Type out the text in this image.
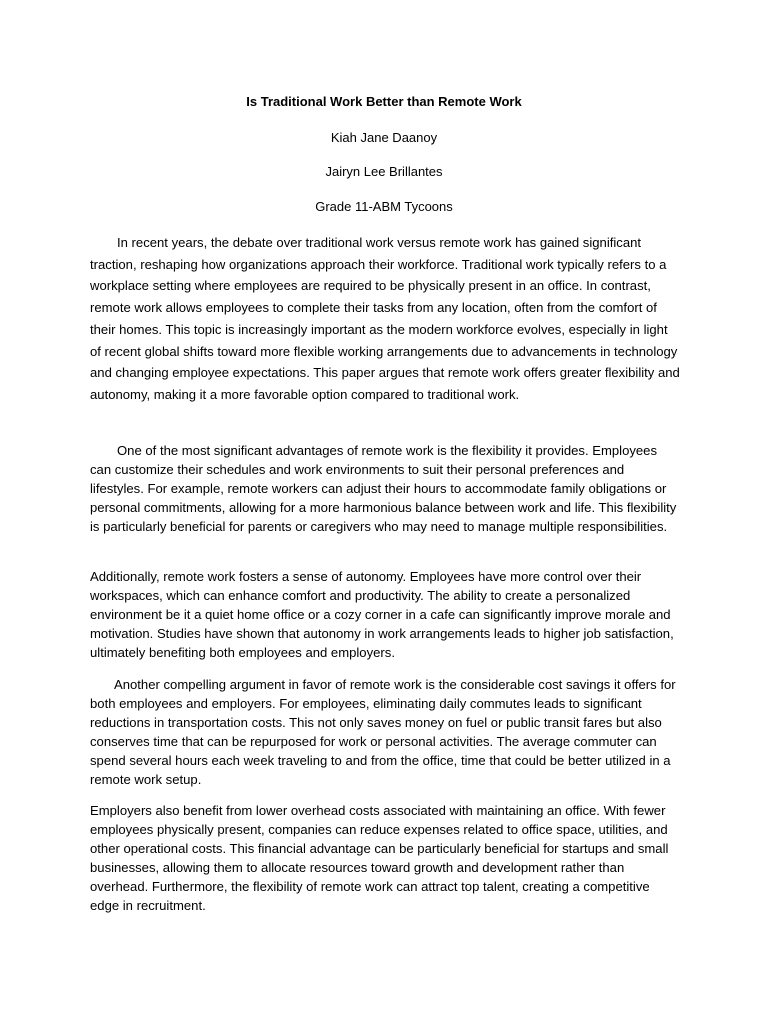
Is Traditional Work Better than Remote Work
Kiah Jane Daanoy
Jairyn Lee Brillantes
Grade 11-ABM Tycoons

In recent years, the debate over traditional work versus remote work has gained significant traction, reshaping how organizations approach their workforce. Traditional work typically refers to a workplace setting where employees are required to be physically present in an office. In contrast, remote work allows employees to complete their tasks from any location, often from the comfort of their homes. This topic is increasingly important as the modern workforce evolves, especially in light of recent global shifts toward more flexible working arrangements due to advancements in technology and changing employee expectations. This paper argues that remote work offers greater flexibility and autonomy, making it a more favorable option compared to traditional work.

One of the most significant advantages of remote work is the flexibility it provides. Employees can customize their schedules and work environments to suit their personal preferences and lifestyles. For example, remote workers can adjust their hours to accommodate family obligations or personal commitments, allowing for a more harmonious balance between work and life. This flexibility is particularly beneficial for parents or caregivers who may need to manage multiple responsibilities.

Additionally, remote work fosters a sense of autonomy. Employees have more control over their workspaces, which can enhance comfort and productivity. The ability to create a personalized environment be it a quiet home office or a cozy corner in a cafe can significantly improve morale and motivation. Studies have shown that autonomy in work arrangements leads to higher job satisfaction, ultimately benefiting both employees and employers.

Another compelling argument in favor of remote work is the considerable cost savings it offers for both employees and employers. For employees, eliminating daily commutes leads to significant reductions in transportation costs. This not only saves money on fuel or public transit fares but also conserves time that can be repurposed for work or personal activities. The average commuter can spend several hours each week traveling to and from the office, time that could be better utilized in a remote work setup.

Employers also benefit from lower overhead costs associated with maintaining an office. With fewer employees physically present, companies can reduce expenses related to office space, utilities, and other operational costs. This financial advantage can be particularly beneficial for startups and small businesses, allowing them to allocate resources toward growth and development rather than overhead. Furthermore, the flexibility of remote work can attract top talent, creating a competitive edge in recruitment.
